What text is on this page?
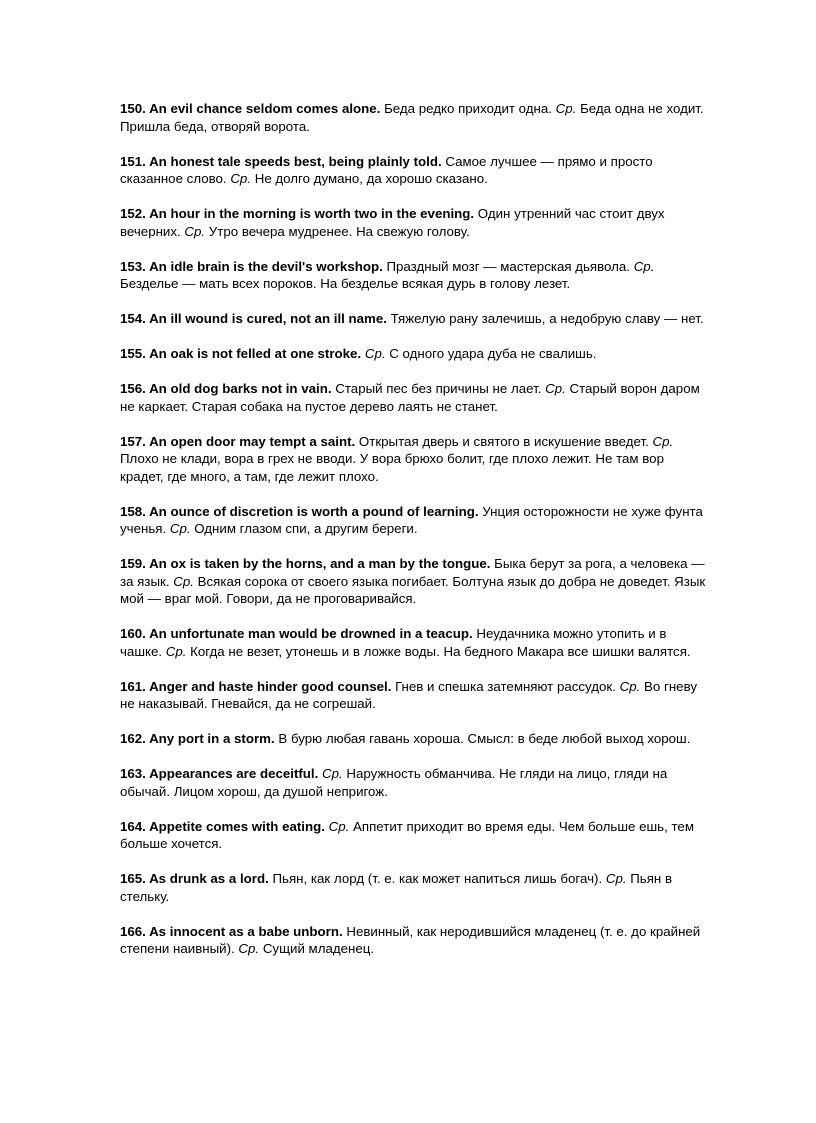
150. An evil chance seldom comes alone. Беда редко приходит одна. Ср. Беда одна не ходит. Пришла беда, отворяй ворота.

151. An honest tale speeds best, being plainly told. Самое лучшее — прямо и просто сказанное слово. Ср. Не долго думано, да хорошо сказано.

152. An hour in the morning is worth two in the evening. Один утренний час стоит двух вечерних. Ср. Утро вечера мудренее. На свежую голову.

153. An idle brain is the devil's workshop. Праздный мозг — мастерская дьявола. Ср. Безделье — мать всех пороков. На безделье всякая дурь в голову лезет.

154. An ill wound is cured, not an ill name. Тяжелую рану залечишь, а недобрую славу — нет.

155. An oak is not felled at one stroke. Ср. С одного удара дуба не свалишь.

156. An old dog barks not in vain. Старый пес без причины не лает. Ср. Старый ворон даром не каркает. Старая собака на пустое дерево лаять не станет.

157. An open door may tempt a saint. Открытая дверь и святого в искушение введет. Ср. Плохо не клади, вора в грех не вводи. У вора брюхо болит, где плохо лежит. Не там вор крадет, где много, а там, где лежит плохо.

158. An ounce of discretion is worth a pound of learning. Унция осторожности не хуже фунта ученья. Ср. Одним глазом спи, а другим береги.

159. An ox is taken by the horns, and a man by the tongue. Быка берут за рога, а человека — за язык. Ср. Всякая сорока от своего языка погибает. Болтуна язык до добра не доведет. Язык мой — враг мой. Говори, да не проговаривайся.

160. An unfortunate man would be drowned in a teacup. Неудачника можно утопить и в чашке. Ср. Когда не везет, утонешь и в ложке воды. На бедного Макара все шишки валятся.

161. Anger and haste hinder good counsel. Гнев и спешка затемняют рассудок. Ср. Во гневу не наказывай. Гневайся, да не согрешай.

162. Any port in a storm. В бурю любая гавань хороша. Смысл: в беде любой выход хорош.

163. Appearances are deceitful. Ср. Наружность обманчива. Не гляди на лицо, гляди на обычай. Лицом хорош, да душой непригож.

164. Appetite comes with eating. Ср. Аппетит приходит во время еды. Чем больше ешь, тем больше хочется.

165. As drunk as a lord. Пьян, как лорд (т. е. как может напиться лишь богач). Ср. Пьян в стельку.

166. As innocent as a babe unborn. Невинный, как неродившийся младенец (т. е. до крайней степени наивный). Ср. Сущий младенец.
